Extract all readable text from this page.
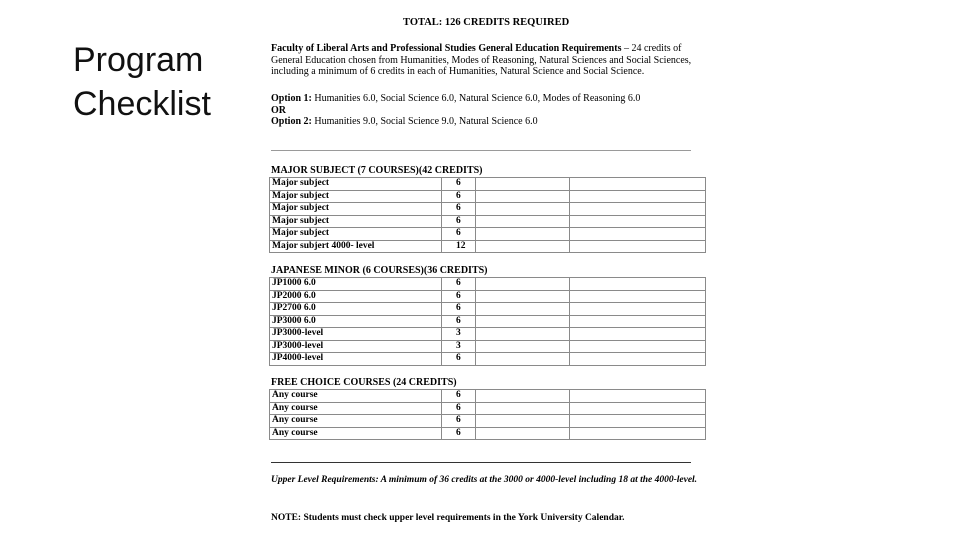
Program
Checklist
TOTAL: 126 CREDITS REQUIRED
Faculty of Liberal Arts and Professional Studies General Education Requirements – 24 credits of General Education chosen from Humanities, Modes of Reasoning, Natural Sciences and Social Sciences, including a minimum of 6 credits in each of Humanities, Natural Science and Social Science.
Option 1: Humanities 6.0, Social Science 6.0, Natural Science 6.0, Modes of Reasoning 6.0
OR
Option 2: Humanities 9.0, Social Science 9.0, Natural Science 6.0
MAJOR SUBJECT (7 COURSES)(42 CREDITS)
Major subject	6		
Major subject	6		
Major subject	6		
Major subject	6		
Major subject	6		
Major subjert 4000- level	12		
JAPANESE MINOR (6 COURSES)(36 CREDITS)
JP1000 6.0	6		
JP2000 6.0	6		
JP2700 6.0	6		
JP3000 6.0	6		
JP3000-level	3		
JP3000-level	3		
JP4000-level	6		
FREE CHOICE COURSES (24 CREDITS)
Any course	6		
Any course	6		
Any course	6		
Any course	6		
Upper Level Requirements: A minimum of 36 credits at the 3000 or 4000-level including 18 at the 4000-level.
NOTE: Students must check upper level requirements in the York University Calendar.
